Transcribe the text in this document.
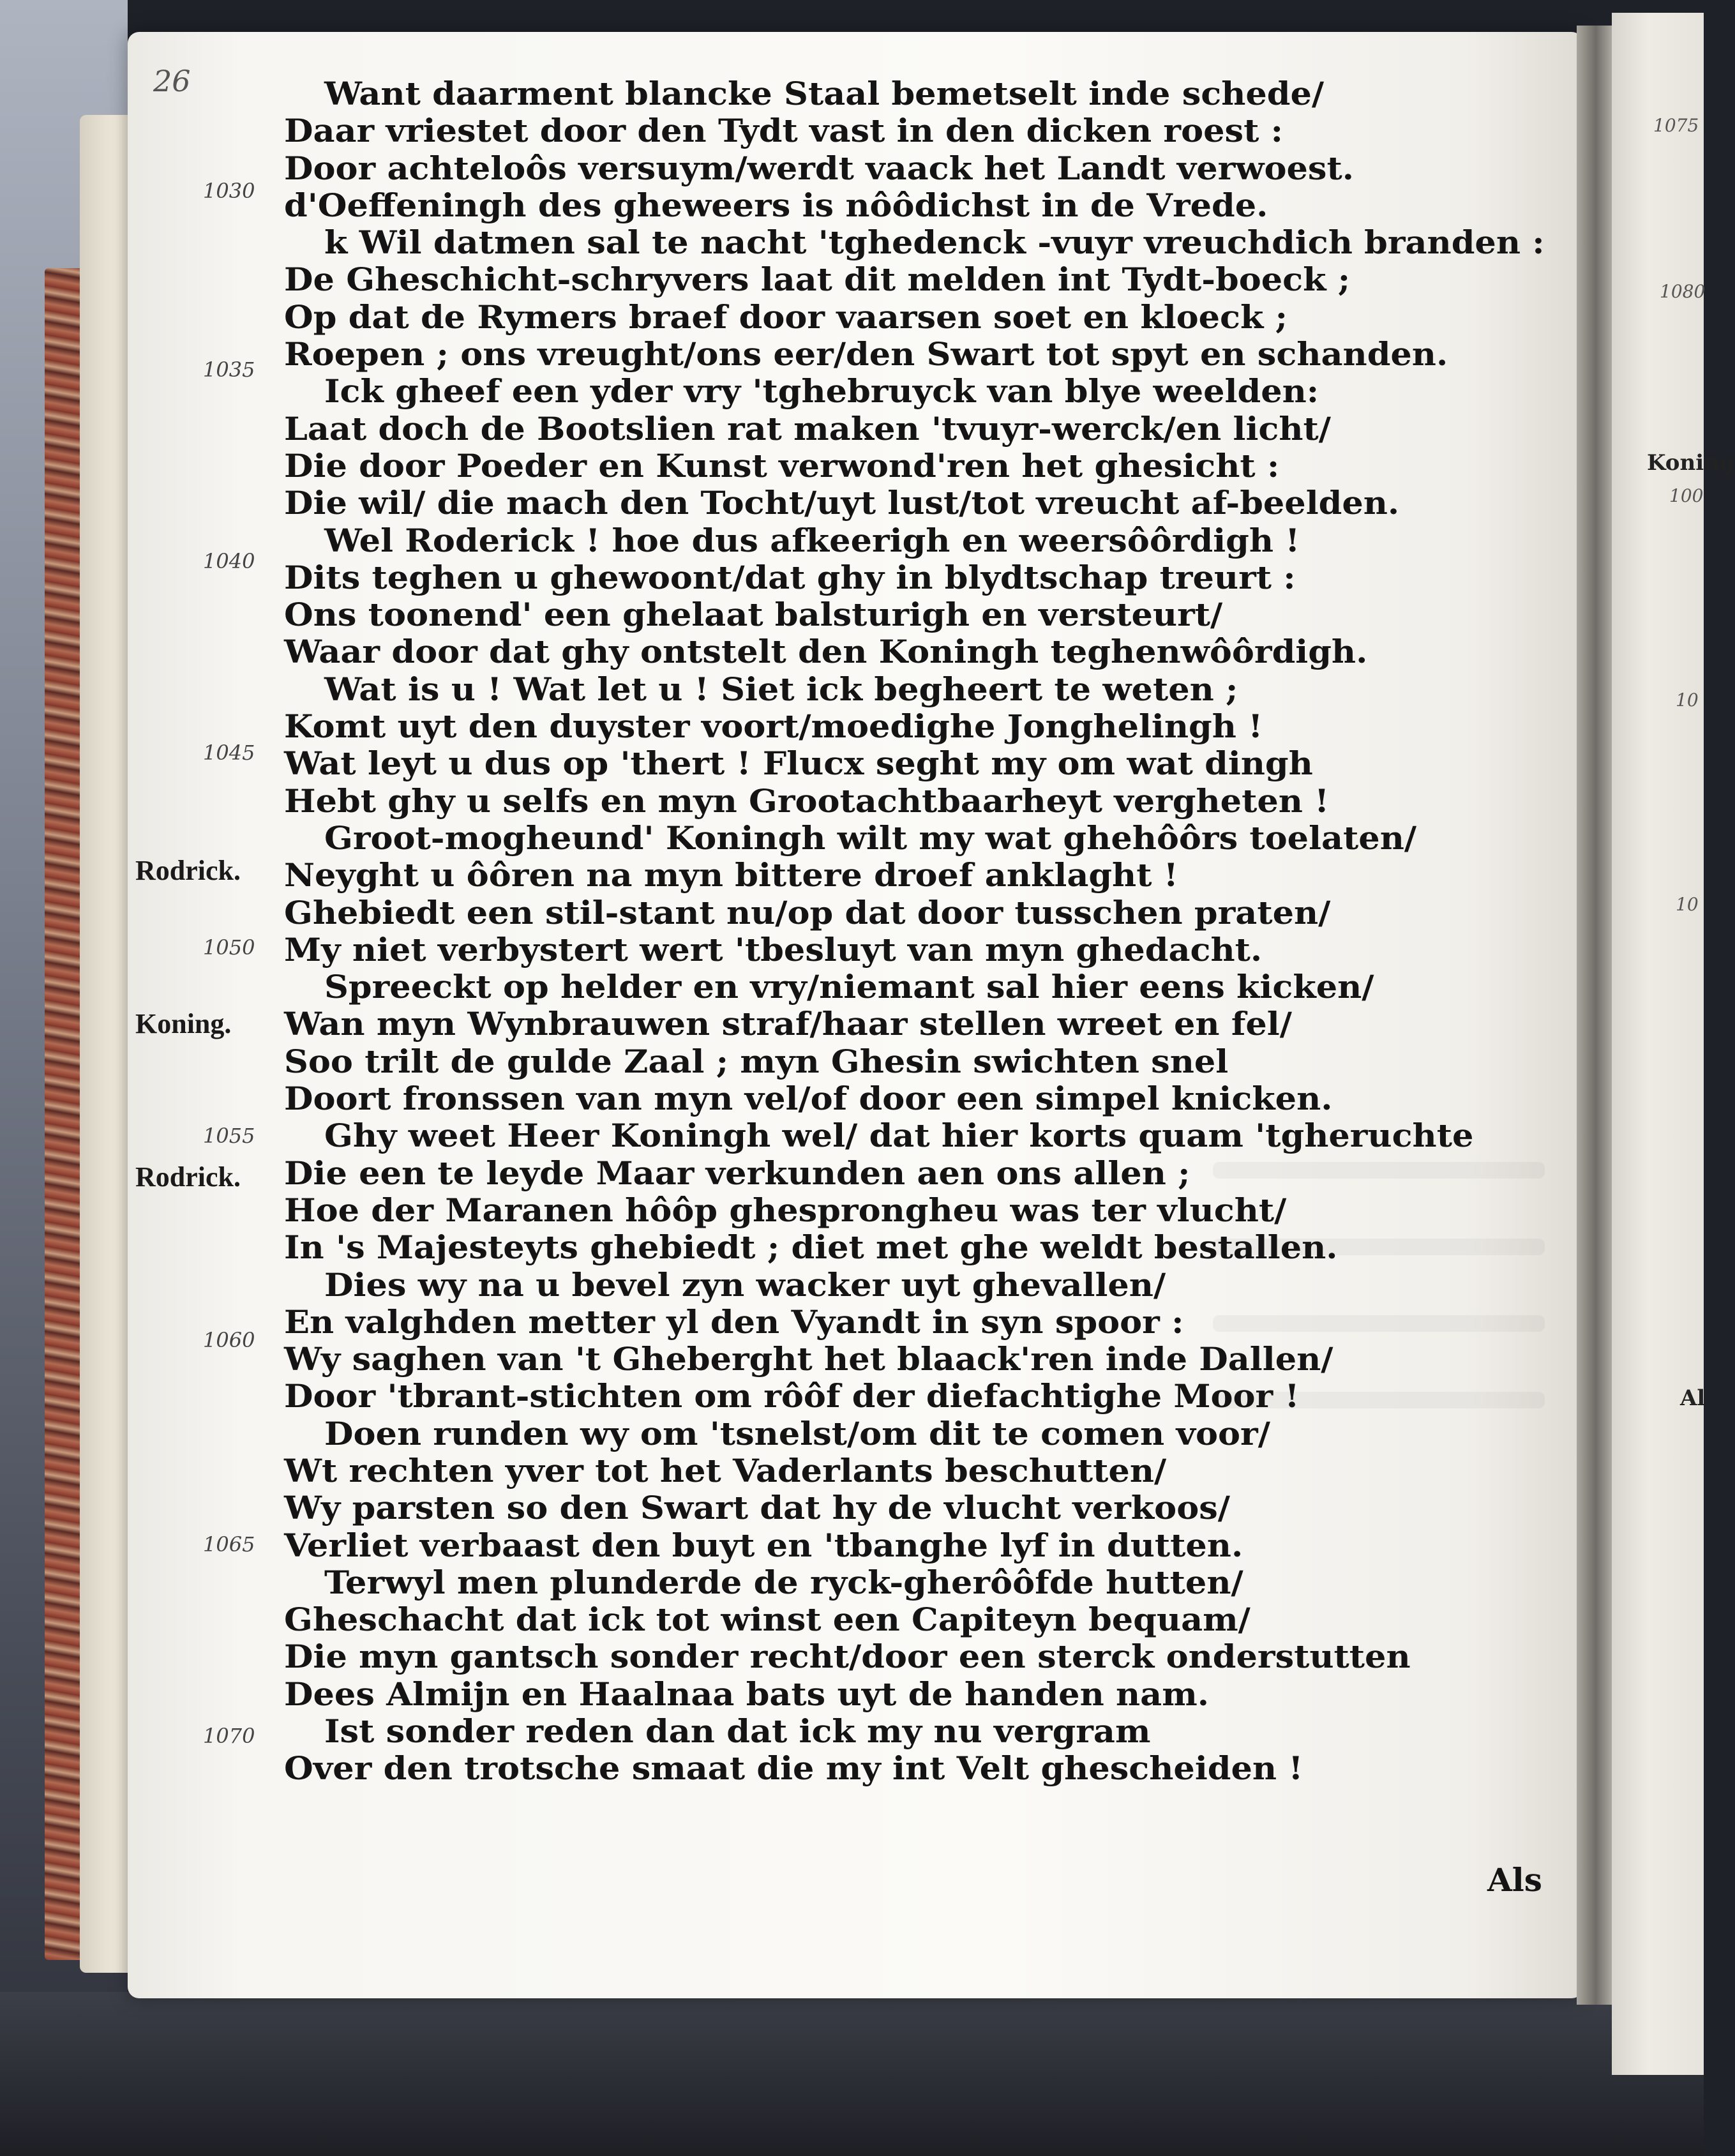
26	Want daarment blancke Staal bemetselt inde schede/
Daar vriestet door den Tydt vast in den dicken roest :
Door achteloôs versuym/werdt vaack het Landt verwoest.
d'Oeffeningh des gheweers is nôôdichst in de Vrede.
k Wil datmen sal te nacht 'tghedenck -vuyr vreuchdich branden :
De Gheschicht-schryvers laat dit melden int Tydt-boeck ;
Op dat de Rymers braef door vaarsen soet en kloeck ;
Roepen ; ons vreught/ons eer/den Swart tot spyt en schanden.
Ick gheef een yder vry 'tghebruyck van blye weelden:
Laat doch de Bootslien rat maken 'tvuyr-werck/en licht/
Die door Poeder en Kunst verwond'ren het ghesicht :
Die wil/ die mach den Tocht/uyt lust/tot vreucht af-beelden.
Wel Roderick ! hoe dus afkeerigh en weersôôrdigh !
Dits teghen u ghewoont/dat ghy in blydtschap treurt :
Ons toonend' een ghelaat balsturigh en versteurt/
Waar door dat ghy ontstelt den Koningh teghenwôôrdigh.
Wat is u ! Wat let u ! Siet ick begheert te weten ;
Komt uyt den duyster voort/moedighe Jonghelingh !
Wat leyt u dus op 'thert ! Flucx seght my om wat dingh
Hebt ghy u selfs en myn Grootachtbaarheyt vergheten !
Groot-mogheund' Koningh wilt my wat ghehôôrs toelaten/
Neyght u ôôren na myn bittere droef anklaght !
Ghebiedt een stil-stant nu/op dat door tusschen praten/
My niet verbystert wert 'tbesluyt van myn ghedacht.
Spreeckt op helder en vry/niemant sal hier eens kicken/
Wan myn Wynbrauwen straf/haar stellen wreet en fel/
Soo trilt de gulde Zaal ; myn Ghesin swichten snel
Doort fronssen van myn vel/of door een simpel knicken.
Ghy weet Heer Koningh wel/ dat hier korts quam 'tgheruchte
Die een te leyde Maar verkunden aen ons allen ;
Hoe der Maranen hôôp ghesprongheu was ter vlucht/
In 's Majesteyts ghebiedt ; diet met ghe weldt bestallen.
Dies wy na u bevel zyn wacker uyt ghevallen/
En valghden metter yl den Vyandt in syn spoor :
Wy saghen van 't Gheberght het blaack'ren inde Dallen/
Door 'tbrant-stichten om rôôf der diefachtighe Moor !
Doen runden wy om 'tsnelst/om dit te comen voor/
Wt rechten yver tot het Vaderlants beschutten/
Wy parsten so den Swart dat hy de vlucht verkoos/
Verliet verbaast den buyt en 'tbanghe lyf in dutten.
Terwyl men plunderde de ryck-gherôôfde hutten/
Gheschacht dat ick tot winst een Capiteyn bequam/
Die myn gantsch sonder recht/door een sterck onderstutten
Dees Almijn en Haalnaa bats uyt de handen nam.
Ist sonder reden dan dat ick my nu vergram
Over den trotsche smaat die my int Velt ghescheiden !
1030
1035
1040
1045
1050
1055
1060
1065
1070
Rodrick.
Koning.
Rodrick.
Als
1075
1080
100
10
10
Koning
Al
